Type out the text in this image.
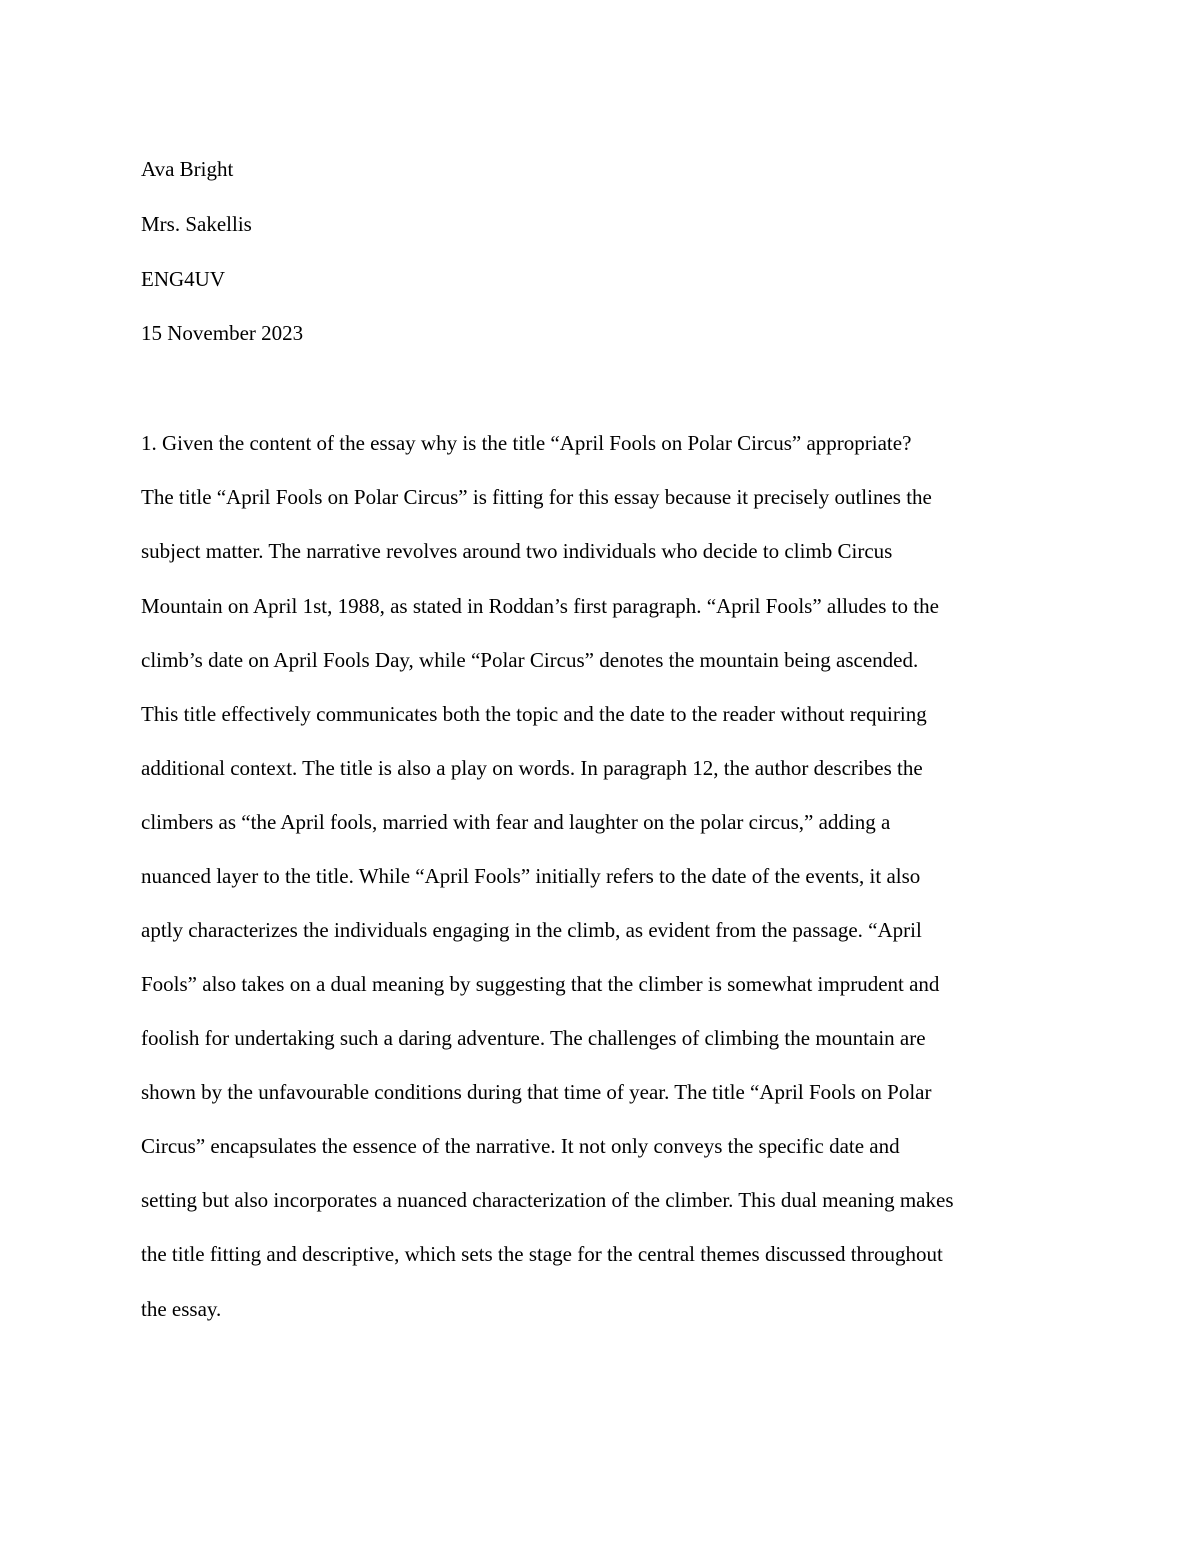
Ava Bright

Mrs. Sakellis

ENG4UV

15 November 2023

1. Given the content of the essay why is the title “April Fools on Polar Circus” appropriate?

The title “April Fools on Polar Circus” is fitting for this essay because it precisely outlines the

subject matter. The narrative revolves around two individuals who decide to climb Circus

Mountain on April 1st, 1988, as stated in Roddan’s first paragraph. “April Fools” alludes to the

climb’s date on April Fools Day, while “Polar Circus” denotes the mountain being ascended.

This title effectively communicates both the topic and the date to the reader without requiring

additional context. The title is also a play on words. In paragraph 12, the author describes the

climbers as “the April fools, married with fear and laughter on the polar circus,” adding a

nuanced layer to the title. While “April Fools” initially refers to the date of the events, it also

aptly characterizes the individuals engaging in the climb, as evident from the passage. “April

Fools” also takes on a dual meaning by suggesting that the climber is somewhat imprudent and

foolish for undertaking such a daring adventure. The challenges of climbing the mountain are

shown by the unfavourable conditions during that time of year. The title “April Fools on Polar

Circus” encapsulates the essence of the narrative. It not only conveys the specific date and

setting but also incorporates a nuanced characterization of the climber. This dual meaning makes

the title fitting and descriptive, which sets the stage for the central themes discussed throughout

the essay.
